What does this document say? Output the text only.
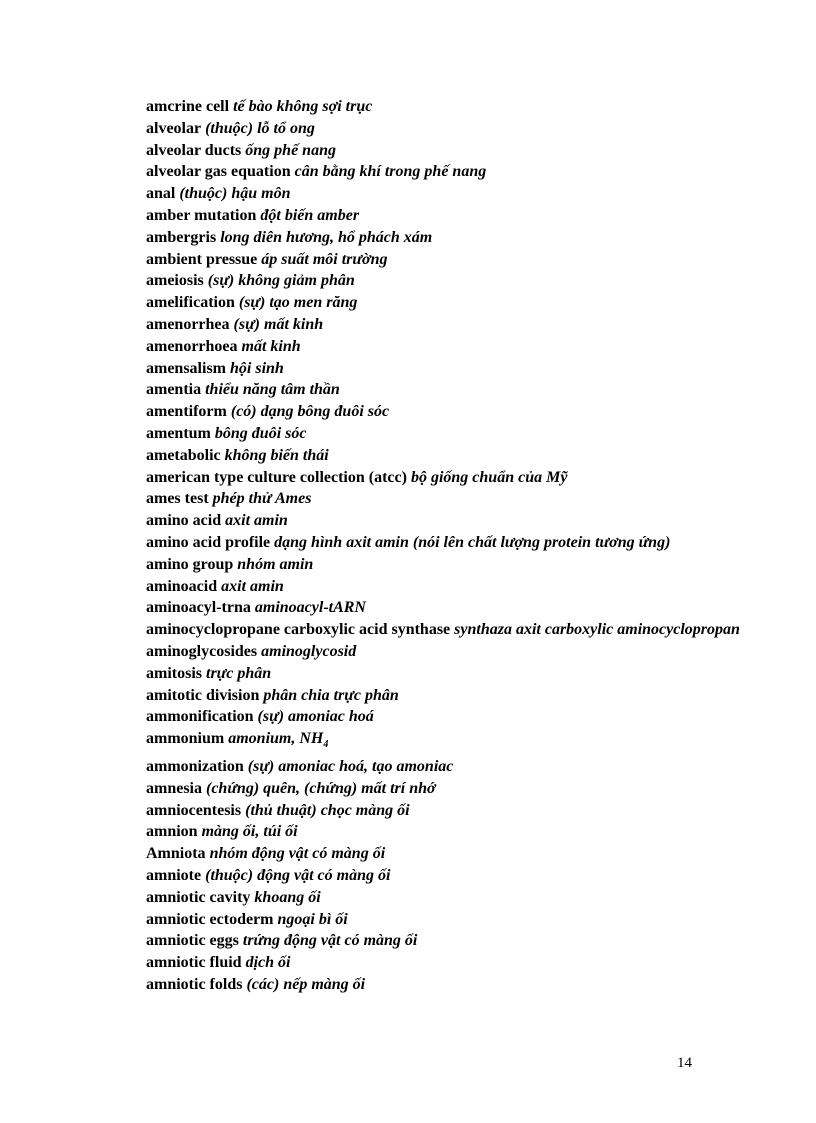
amcrine cell tế bào không sợi trục
alveolar (thuộc) lỗ tổ ong
alveolar ducts ống phế nang
alveolar gas equation cân bằng khí trong phế nang
anal (thuộc) hậu môn
amber mutation đột biến amber
ambergris long diên hương, hổ phách xám
ambient pressue áp suất môi trường
ameiosis (sự) không giảm phân
amelification (sự) tạo men răng
amenorrhea (sự) mất kinh
amenorrhoea mất kinh
amensalism hội sinh
amentia thiểu năng tâm thần
amentiform (có) dạng bông đuôi sóc
amentum bông đuôi sóc
ametabolic không biến thái
american type culture collection (atcc) bộ giống chuẩn của Mỹ
ames test phép thử Ames
amino acid axit amin
amino acid profile dạng hình axit amin (nói lên chất lượng protein tương ứng)
amino group nhóm amin
aminoacid axit amin
aminoacyl-trna aminoacyl-tARN
aminocyclopropane carboxylic acid synthase synthaza axit carboxylic aminocyclopropan
aminoglycosides aminoglycosid
amitosis trực phân
amitotic division phân chia trực phân
ammonification (sự) amoniac hoá
ammonium amonium, $NH_4$
ammonization (sự) amoniac hoá, tạo amoniac
amnesia (chứng) quên, (chứng) mất trí nhớ
amniocentesis (thủ thuật) chọc màng ối
amnion màng ối, túi ối
Amniota nhóm động vật có màng ối
amniote (thuộc) động vật có màng ối
amniotic cavity khoang ối
amniotic ectoderm ngoại bì ối
amniotic eggs trứng động vật có màng ối
amniotic fluid dịch ối
amniotic folds (các) nếp màng ối
14
